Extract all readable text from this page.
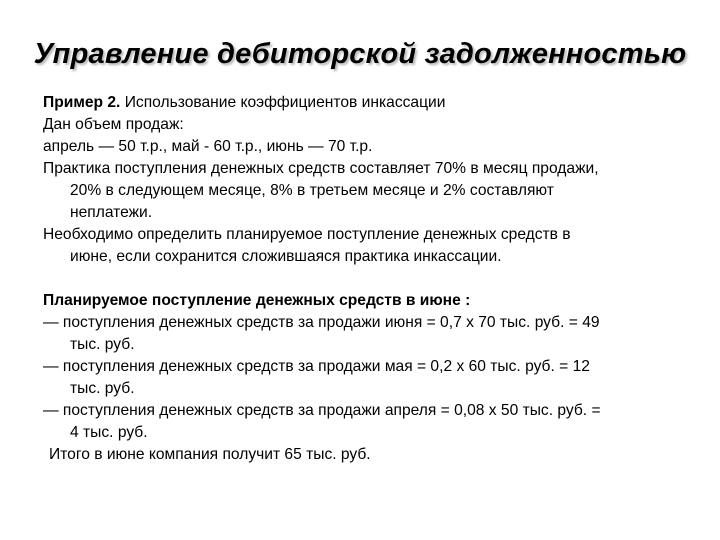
Управление дебиторской задолженностью
Пример 2. Использование коэффициентов инкассации
Дан объем продаж:
апрель — 50 т.р., май - 60 т.р., июнь — 70 т.р.
Практика поступления денежных средств составляет 70% в месяц продажи,
20% в следующем месяце, 8% в третьем месяце и 2% составляют
неплатежи.
Необходимо определить планируемое поступление денежных средств в
июне, если сохранится сложившаяся практика инкассации.
Планируемое поступление денежных средств в июне :
— поступления денежных средств за продажи июня = 0,7 х 70 тыс. руб. = 49
тыс. руб.
— поступления денежных средств за продажи мая = 0,2 х 60 тыс. руб. = 12
тыс. руб.
— поступления денежных средств за продажи апреля = 0,08 х 50 тыс. руб. =
4 тыс. руб.
Итого в июне компания получит 65 тыс. руб.
